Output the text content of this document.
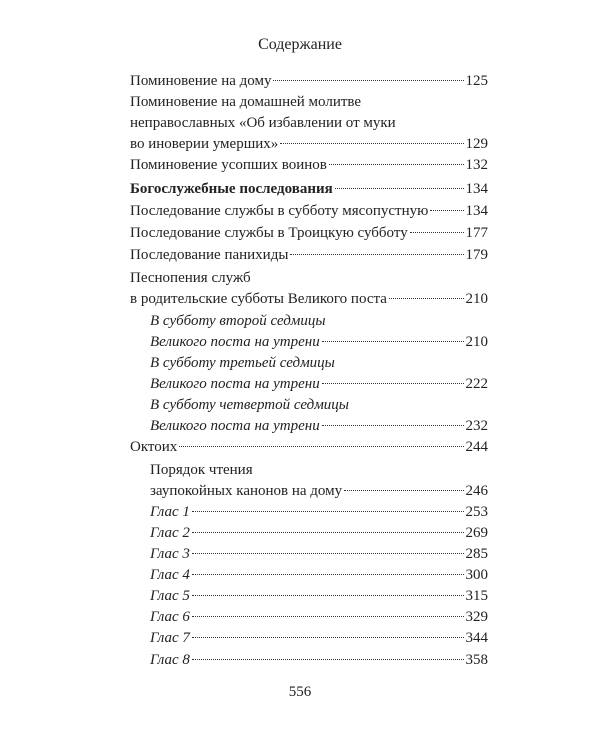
Содержание
Поминовение на дому	125
Поминовение на домашней молитве
неправославных «Об избавлении от муки
во иноверии умерших»	129
Поминовение усопших воинов	132
Богослужебные последования	134
Последование службы в субботу мясопустную 134
Последование службы в Троицкую субботу	177
Последование панихиды	179
Песнопения служб
в родительские субботы Великого поста	210
В субботу второй седмицы
Великого поста на утрени	210
В субботу третьей седмицы
Великого поста на утрени	222
В субботу четвертой седмицы
Великого поста на утрени	232
Октоих	244
Порядок чтения
заупокойных канонов на дому	246
Глас 1	253
Глас 2	269
Глас 3	285
Глас 4	300
Глас 5	315
Глас 6	329
Глас 7	344
Глас 8	358
556
